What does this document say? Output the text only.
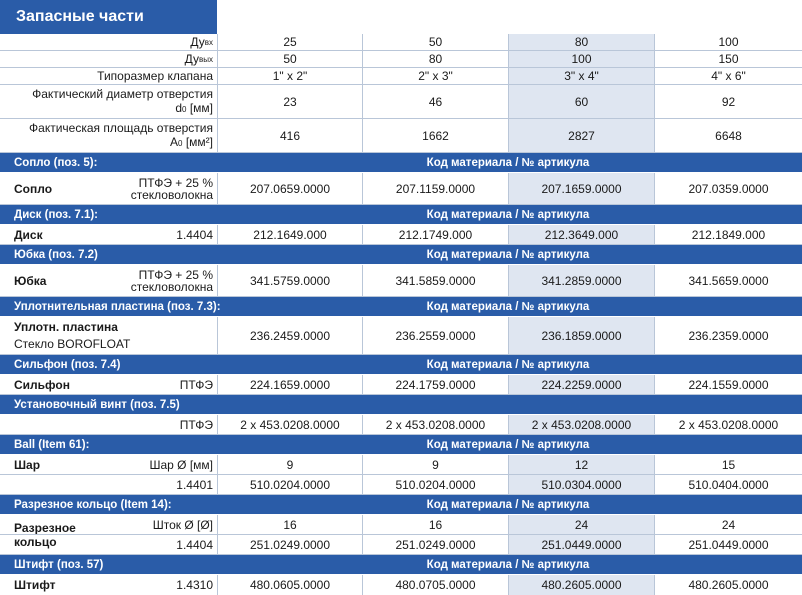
Запасные части
Ду вх	25	50	80	100
Ду вых	50	80	100	150
Типоразмер клапана	1" x 2"	2" x 3"	3" x 4"	4" x 6"
Фактический диаметр отверстия
d0 [мм]	23	46	60	92
Фактическая площадь отверстия
A0 [мм²]	416	1662	2827	6648
Сопло (поз. 5):	Код материала / № артикула
Сопло	ПТФЭ + 25 % стекловолокна	207.0659.0000	207.1159.0000	207.1659.0000	207.0359.0000
Диск (поз. 7.1):	Код материала / № артикула
Диск	1.4404	212.1649.000	212.1749.000	212.3649.000	212.1849.000
Юбка (поз. 7.2)	Код материала / № артикула
Юбка	ПТФЭ + 25 % стекловолокна	341.5759.0000	341.5859.0000	341.2859.0000	341.5659.0000
Уплотнительная пластина (поз. 7.3):	Код материала / № артикула
Уплотн. пластина
Стекло BOROFLOAT
236.2459.0000	236.2559.0000	236.1859.0000	236.2359.0000
Сильфон (поз. 7.4)	Код материала / № артикула
Сильфон	ПТФЭ	224.1659.0000	224.1759.0000	224.2259.0000	224.1559.0000
Установочный винт (поз. 7.5)
ПТФЭ	2 x 453.0208.0000	2 x 453.0208.0000	2 x 453.0208.0000	2 x 453.0208.0000
Ball (Item 61):	Код материала / № артикула
Шар	Шар Ø [мм]	9	9	12	15
1.4401	510.0204.0000	510.0204.0000	510.0304.0000	510.0404.0000
Разрезное кольцо (Item 14):	Код материала / № артикула
Разрезное кольцо
Шток Ø [Ø]	16	16	24	24
1.4404	251.0249.0000	251.0249.0000	251.0449.0000	251.0449.0000
Штифт (поз. 57)	Код материала / № артикула
Штифт	1.4310	480.0605.0000	480.0705.0000	480.2605.0000	480.2605.0000
